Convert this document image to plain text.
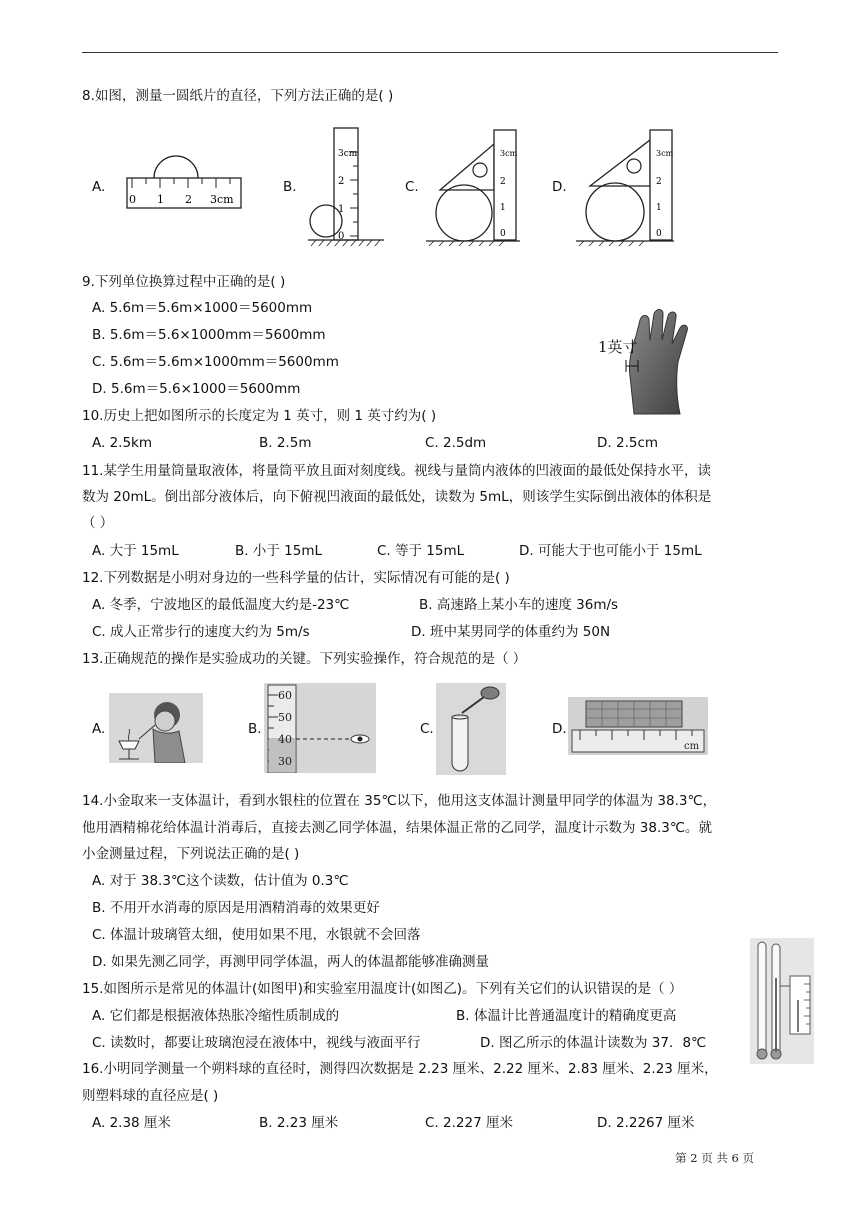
8.如图，测量一圆纸片的直径，下列方法正确的是( )
A.	B.	C.	D.
0 1 2 3cm
0
1
2
3cm
0
1
2
3cm
0
1
2
3cm
9.下列单位换算过程中正确的是( )
A. 5.6m＝5.6m×1000＝5600mm
B. 5.6m＝5.6×1000mm＝5600mm
C. 5.6m＝5.6m×1000mm＝5600mm
D. 5.6m＝5.6×1000＝5600mm
1英寸
10.历史上把如图所示的长度定为 1 英寸，则 1 英寸约为( )
A. 2.5km	B. 2.5m	C. 2.5dm	D. 2.5cm
11.某学生用量筒量取液体，将量筒平放且面对刻度线。视线与量筒内液体的凹液面的最低处保持水平，读
数为 20mL。倒出部分液体后，向下俯视凹液面的最低处，读数为 5mL，则该学生实际倒出液体的体积是
（ ）
A. 大于 15mL	B. 小于 15mL	C. 等于 15mL	D. 可能大于也可能小于 15mL
12.下列数据是小明对身边的一些科学量的估计，实际情况有可能的是( )
A. 冬季，宁波地区的最低温度大约是-23℃	B. 高速路上某小车的速度 36m/s
C. 成人正常步行的速度大约为 5m/s	D. 班中某男同学的体重约为 50N
13.正确规范的操作是实验成功的关键。下列实验操作，符合规范的是（ ）
A.	B.	C.	D.
60
50
40
30
cm
14.小金取来一支体温计，看到水银柱的位置在 35℃以下，他用这支体温计测量甲同学的体温为 38.3℃，
他用酒精棉花给体温计消毒后，直接去测乙同学体温，结果体温正常的乙同学，温度计示数为 38.3℃。就
小金测量过程，下列说法正确的是( )
A. 对于 38.3℃这个读数，估计值为 0.3℃
B. 不用开水消毒的原因是用酒精消毒的效果更好
C. 体温计玻璃管太细，使用如果不甩，水银就不会回落
D. 如果先测乙同学，再测甲同学体温，两人的体温都能够准确测量
15.如图所示是常见的体温计(如图甲)和实验室用温度计(如图乙)。下列有关它们的认识错误的是（ ）
A. 它们都是根据液体热胀冷缩性质制成的	B. 体温计比普通温度计的精确度更高
C. 读数时，都要让玻璃泡浸在液体中，视线与液面平行	D. 图乙所示的体温计读数为 37．8℃
16.小明同学测量一个朔料球的直径时，测得四次数据是 2.23 厘米、2.22 厘米、2.83 厘米、2.23 厘米，
则塑料球的直径应是( )
A. 2.38 厘米	B. 2.23 厘米	C. 2.227 厘米	D. 2.2267 厘米
第 2 页 共 6 页
